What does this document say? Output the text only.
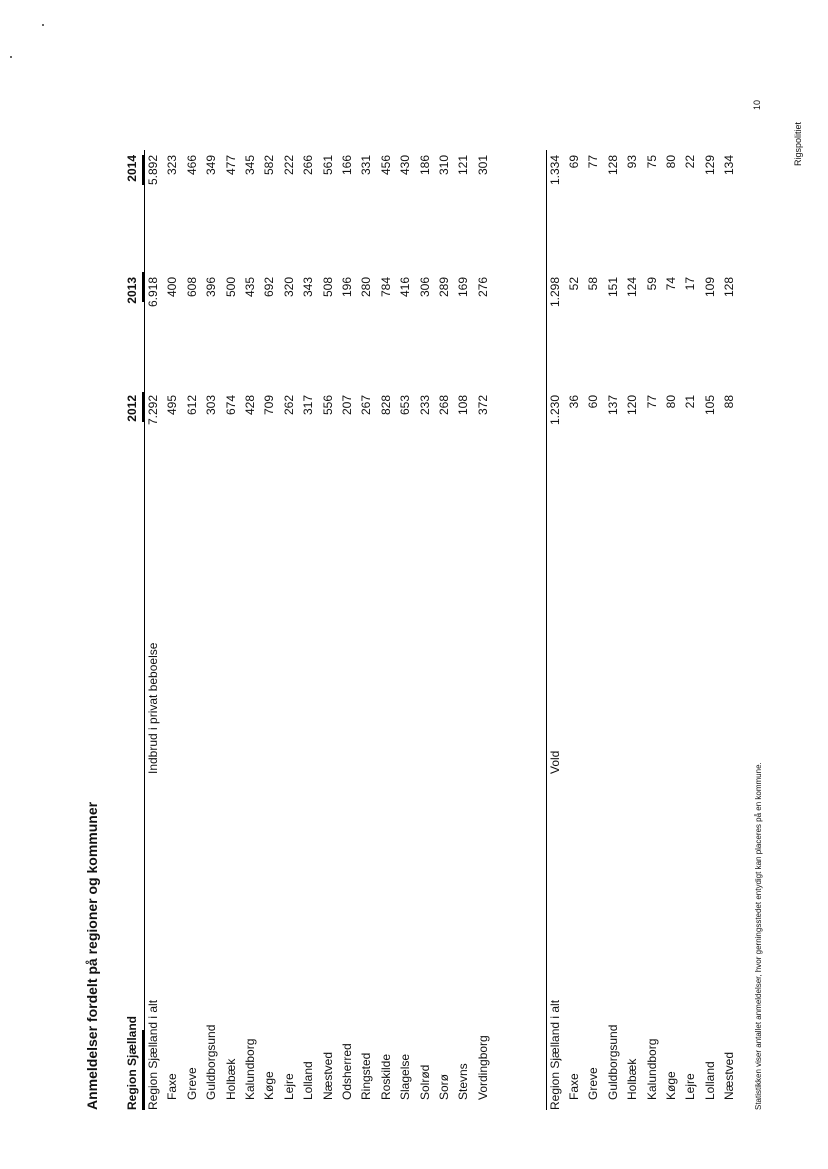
10
Rigspolitiet
Anmeldelser fordelt på regioner og kommuner Region Sjælland
2012
2013
2014
Statistikken viser antallet anmeldelser, hvor gerningsstedet entydigt kan placeres på en kommune.
Region Sjælland i alt
Indbrud i privat beboelse
7.292
6.918
5.892
Faxe
495
400
323
Greve
612
608
466
Guldborgsund
303
396
349
Holbæk
674
500
477
Kalundborg
428
435
345
Køge
709
692
582
Lejre
262
320
222
Lolland
317
343
266
Næstved
556
508
561
Odsherred
207
196
166
Ringsted
267
280
331
Roskilde
828
784
456
Slagelse
653
416
430
Solrød
233
306
186
Sorø
268
289
310
Stevns
108
169
121
Vordingborg
372
276
301
Region Sjælland i alt
Vold
1.230
1.298
1.334
Faxe
36
52
69
Greve
60
58
77
Guldborgsund
137
151
128
Holbæk
120
124
93
Kalundborg
77
59
75
Køge
80
74
80
Lejre
21
17
22
Lolland
105
109
129
Næstved
88
128
134
